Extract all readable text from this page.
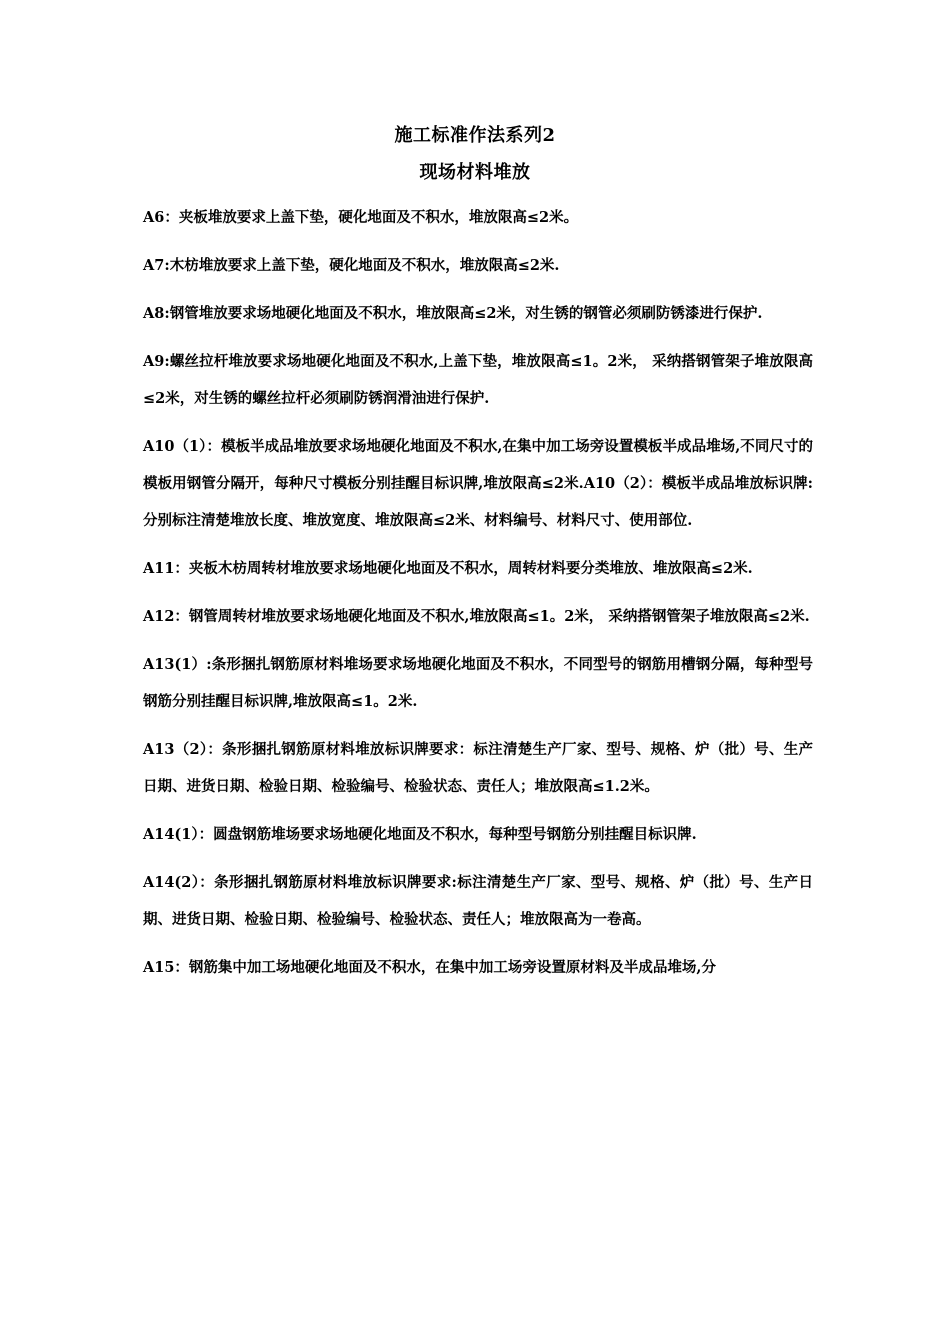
施工标准作法系列2
现场材料堆放

A6：夹板堆放要求上盖下垫，硬化地面及不积水，堆放限高≤2米。

A7:木枋堆放要求上盖下垫，硬化地面及不积水，堆放限高≤2米.

A8:钢管堆放要求场地硬化地面及不积水，堆放限高≤2米，对生锈的钢管必须刷防锈漆进行保护.

A9:螺丝拉杆堆放要求场地硬化地面及不积水,上盖下垫，堆放限高≤1。2米， 采纳搭钢管架子堆放限高≤2米，对生锈的螺丝拉杆必须刷防锈润滑油进行保护.

A10（1）：模板半成品堆放要求场地硬化地面及不积水,在集中加工场旁设置模板半成品堆场,不同尺寸的模板用钢管分隔开，每种尺寸模板分别挂醒目标识牌,堆放限高≤2米.A10（2）：模板半成品堆放标识牌:分别标注清楚堆放长度、堆放宽度、堆放限高≤2米、材料编号、材料尺寸、使用部位.

A11：夹板木枋周转材堆放要求场地硬化地面及不积水，周转材料要分类堆放、堆放限高≤2米.

A12：钢管周转材堆放要求场地硬化地面及不积水,堆放限高≤1。2米， 采纳搭钢管架子堆放限高≤2米.

A13(1）:条形捆扎钢筋原材料堆场要求场地硬化地面及不积水，不同型号的钢筋用槽钢分隔，每种型号钢筋分别挂醒目标识牌,堆放限高≤1。2米.

A13（2）：条形捆扎钢筋原材料堆放标识牌要求：标注清楚生产厂家、型号、规格、炉（批）号、生产日期、进货日期、检验日期、检验编号、检验状态、责任人；堆放限高≤1.2米。

A14(1）：圆盘钢筋堆场要求场地硬化地面及不积水，每种型号钢筋分别挂醒目标识牌.

A14(2）：条形捆扎钢筋原材料堆放标识牌要求:标注清楚生产厂家、型号、规格、炉（批）号、生产日期、进货日期、检验日期、检验编号、检验状态、责任人；堆放限高为一卷高。

A15：钢筋集中加工场地硬化地面及不积水，在集中加工场旁设置原材料及半成品堆场,分
